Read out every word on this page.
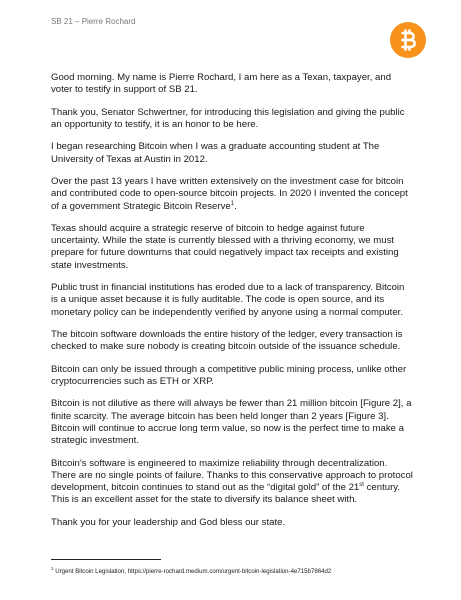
SB 21 – Pierre Rochard

Good morning. My name is Pierre Rochard, I am here as a Texan, taxpayer, and voter to testify in support of SB 21.

Thank you, Senator Schwertner, for introducing this legislation and giving the public an opportunity to testify, it is an honor to be here.

I began researching Bitcoin when I was a graduate accounting student at The University of Texas at Austin in 2012.

Over the past 13 years I have written extensively on the investment case for bitcoin and contributed code to open-source bitcoin projects. In 2020 I invented the concept of a government Strategic Bitcoin Reserve$^1$.

Texas should acquire a strategic reserve of bitcoin to hedge against future uncertainty. While the state is currently blessed with a thriving economy, we must prepare for future downturns that could negatively impact tax receipts and existing state investments.

Public trust in financial institutions has eroded due to a lack of transparency. Bitcoin is a unique asset because it is fully auditable. The code is open source, and its monetary policy can be independently verified by anyone using a normal computer.

The bitcoin software downloads the entire history of the ledger, every transaction is checked to make sure nobody is creating bitcoin outside of the issuance schedule.

Bitcoin can only be issued through a competitive public mining process, unlike other cryptocurrencies such as ETH or XRP.

Bitcoin is not dilutive as there will always be fewer than 21 million bitcoin [Figure 2], a finite scarcity. The average bitcoin has been held longer than 2 years [Figure 3]. Bitcoin will continue to accrue long term value, so now is the perfect time to make a strategic investment.

Bitcoin’s software is engineered to maximize reliability through decentralization. There are no single points of failure. Thanks to this conservative approach to protocol development, bitcoin continues to stand out as the “digital gold” of the 21st century. This is an excellent asset for the state to diversify its balance sheet with.

Thank you for your leadership and God bless our state.

$^1$ Urgent Bitcoin Legislation, https://pierre-rochard.medium.com/urgent-bitcoin-legislation-4e715b7864d2
